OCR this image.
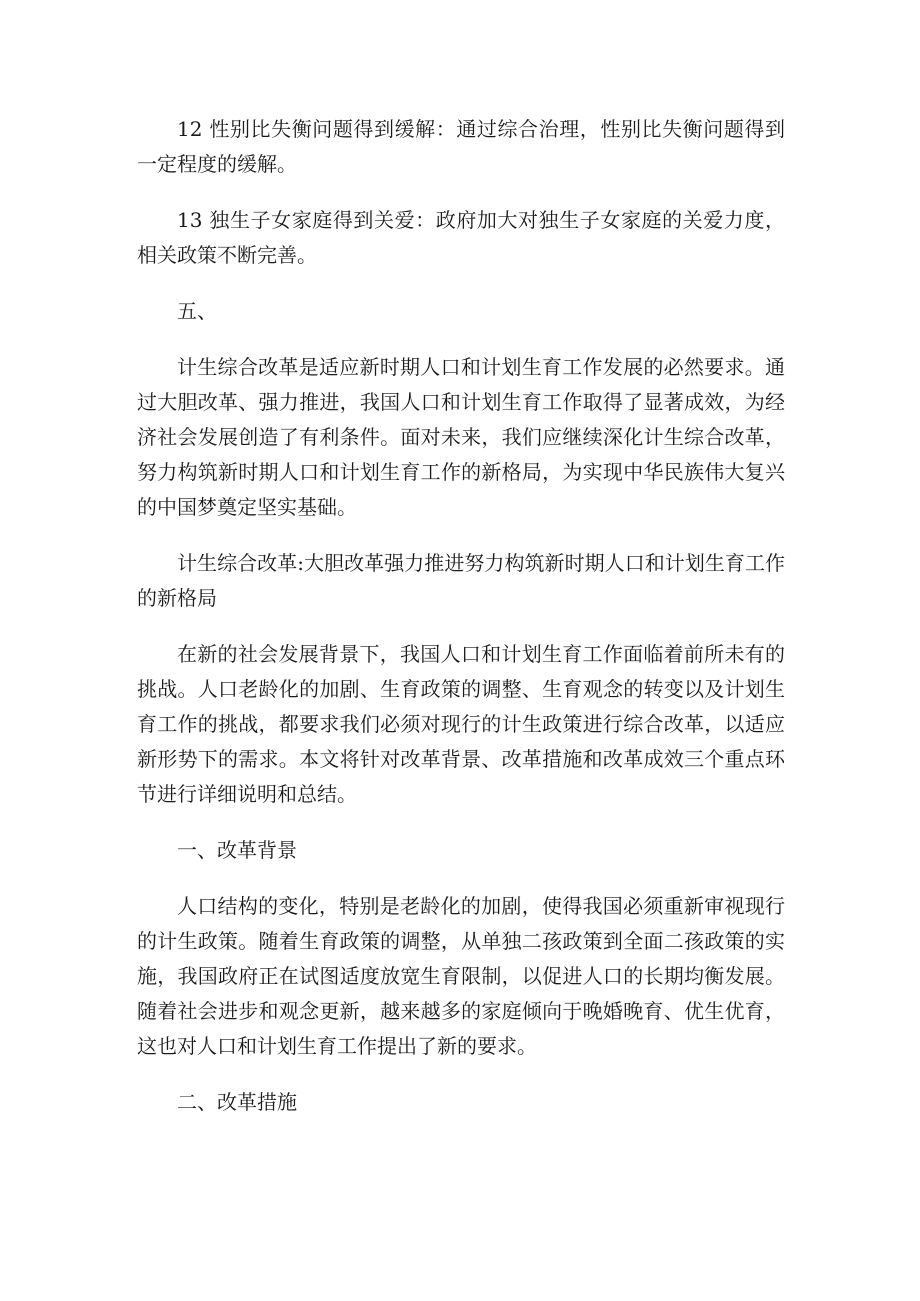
12 性别比失衡问题得到缓解：通过综合治理，性别比失衡问题得到一定程度的缓解。

13 独生子女家庭得到关爱：政府加大对独生子女家庭的关爱力度，相关政策不断完善。

五、

计生综合改革是适应新时期人口和计划生育工作发展的必然要求。通过大胆改革、强力推进，我国人口和计划生育工作取得了显著成效，为经济社会发展创造了有利条件。面对未来，我们应继续深化计生综合改革，努力构筑新时期人口和计划生育工作的新格局，为实现中华民族伟大复兴的中国梦奠定坚实基础。

计生综合改革:大胆改革强力推进努力构筑新时期人口和计划生育工作的新格局

在新的社会发展背景下，我国人口和计划生育工作面临着前所未有的挑战。人口老龄化的加剧、生育政策的调整、生育观念的转变以及计划生育工作的挑战，都要求我们必须对现行的计生政策进行综合改革，以适应新形势下的需求。本文将针对改革背景、改革措施和改革成效三个重点环节进行详细说明和总结。

一、改革背景

人口结构的变化，特别是老龄化的加剧，使得我国必须重新审视现行的计生政策。随着生育政策的调整，从单独二孩政策到全面二孩政策的实施，我国政府正在试图适度放宽生育限制，以促进人口的长期均衡发展。随着社会进步和观念更新，越来越多的家庭倾向于晚婚晚育、优生优育，这也对人口和计划生育工作提出了新的要求。

二、改革措施
